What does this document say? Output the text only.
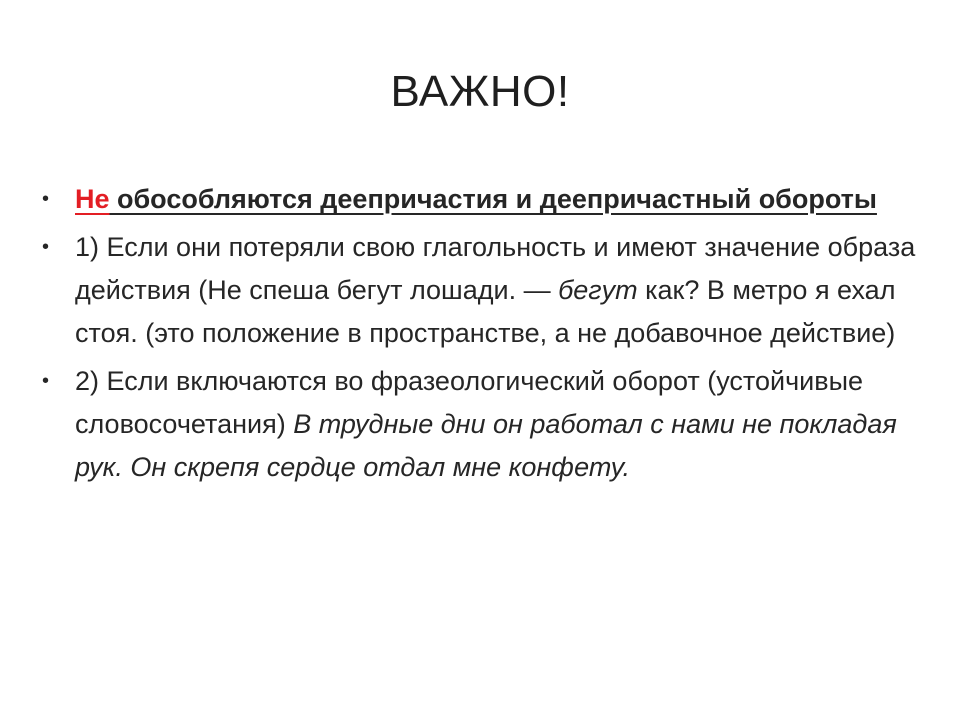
ВАЖНО!
• Не обособляются деепричастия и деепричастный обороты
• 1) Если они потеряли свою глагольность и имеют значение образа действия (Не спеша бегут лошади. — бегут как? В метро я ехал стоя. (это положение в пространстве, а не добавочное действие)
• 2) Если включаются во фразеологический оборот (устойчивые словосочетания) В трудные дни он работал с нами не покладая рук. Он скрепя сердце отдал мне конфету.
